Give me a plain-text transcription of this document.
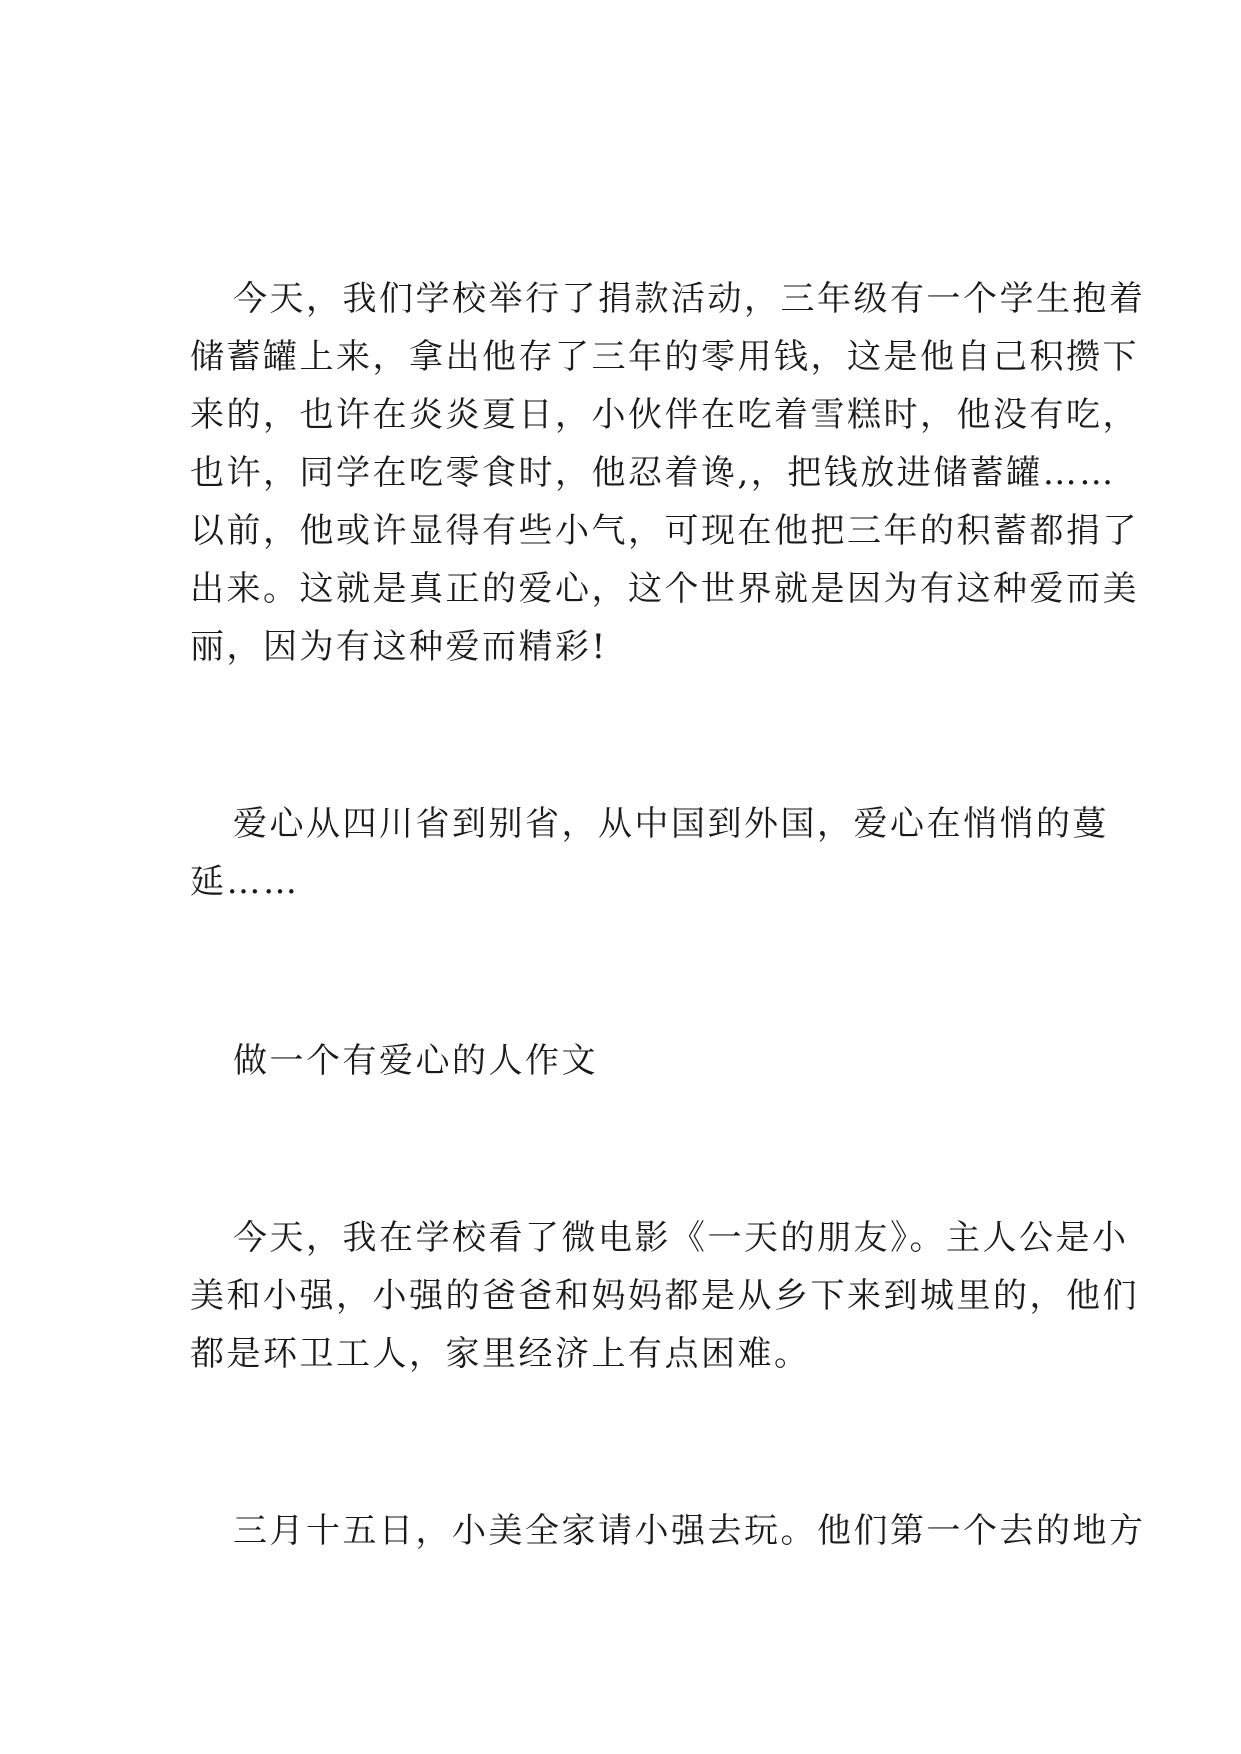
今天，我们学校举行了捐款活动，三年级有一个学生抱着
储蓄罐上来，拿出他存了三年的零用钱，这是他自己积攒下
来的，也许在炎炎夏日，小伙伴在吃着雪糕时，他没有吃，
也许，同学在吃零食时，他忍着谗,，把钱放进储蓄罐……
以前，他或许显得有些小气，可现在他把三年的积蓄都捐了
出来。这就是真正的爱心，这个世界就是因为有这种爱而美
丽，因为有这种爱而精彩!
爱心从四川省到别省，从中国到外国，爱心在悄悄的蔓
延……
做一个有爱心的人作文
今天，我在学校看了微电影《一天的朋友》。主人公是小
美和小强，小强的爸爸和妈妈都是从乡下来到城里的，他们
都是环卫工人，家里经济上有点困难。
三月十五日，小美全家请小强去玩。他们第一个去的地方
